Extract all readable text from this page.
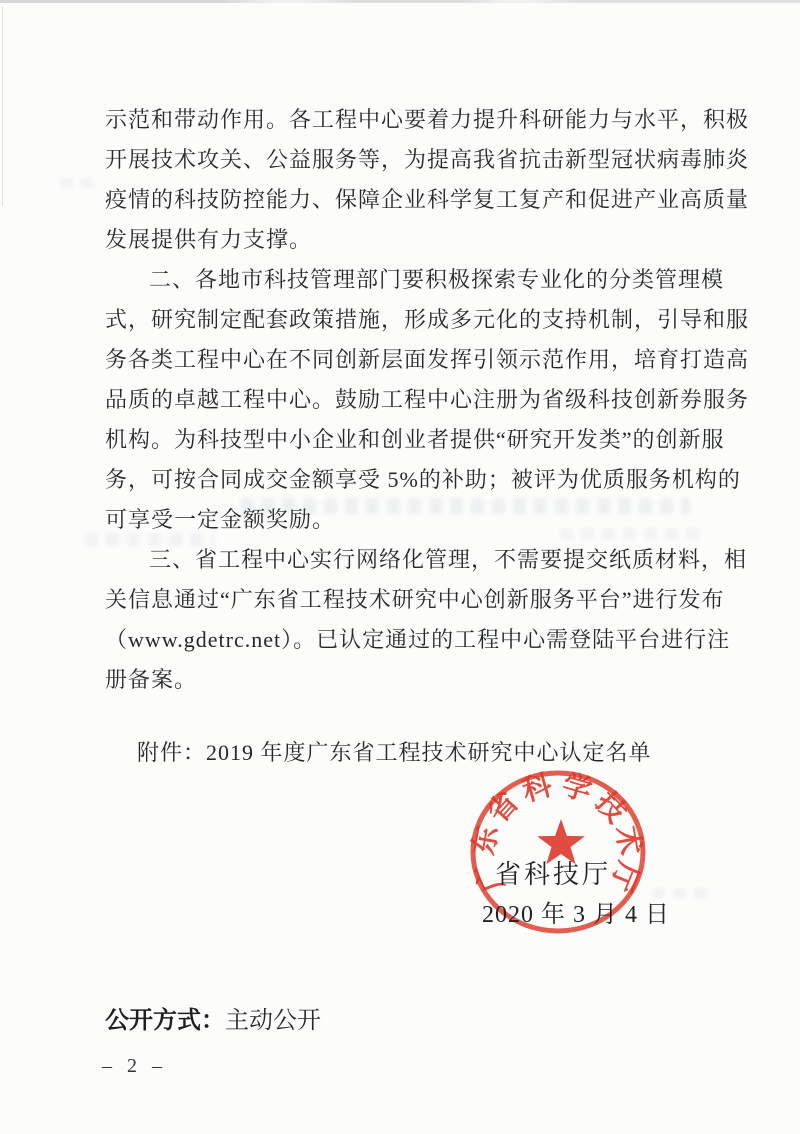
示范和带动作用。各工程中心要着力提升科研能力与水平，积极
开展技术攻关、公益服务等，为提高我省抗击新型冠状病毒肺炎
疫情的科技防控能力、保障企业科学复工复产和促进产业高质量
发展提供有力支撑。
二、各地市科技管理部门要积极探索专业化的分类管理模
式，研究制定配套政策措施，形成多元化的支持机制，引导和服
务各类工程中心在不同创新层面发挥引领示范作用，培育打造高
品质的卓越工程中心。鼓励工程中心注册为省级科技创新券服务
机构。为科技型中小企业和创业者提供“研究开发类”的创新服
务，可按合同成交金额享受 5%的补助；被评为优质服务机构的
可享受一定金额奖励。
三、省工程中心实行网络化管理，不需要提交纸质材料，相
关信息通过“广东省工程技术研究中心创新服务平台”进行发布
（www.gdetrc.net）。已认定通过的工程中心需登陆平台进行注
册备案。
附件：2019 年度广东省工程技术研究中心认定名单
广
东
省
科 学
技
术
厅
省科技厅
2020 年 3 月 4 日
公开方式：主动公开
– 2 –
